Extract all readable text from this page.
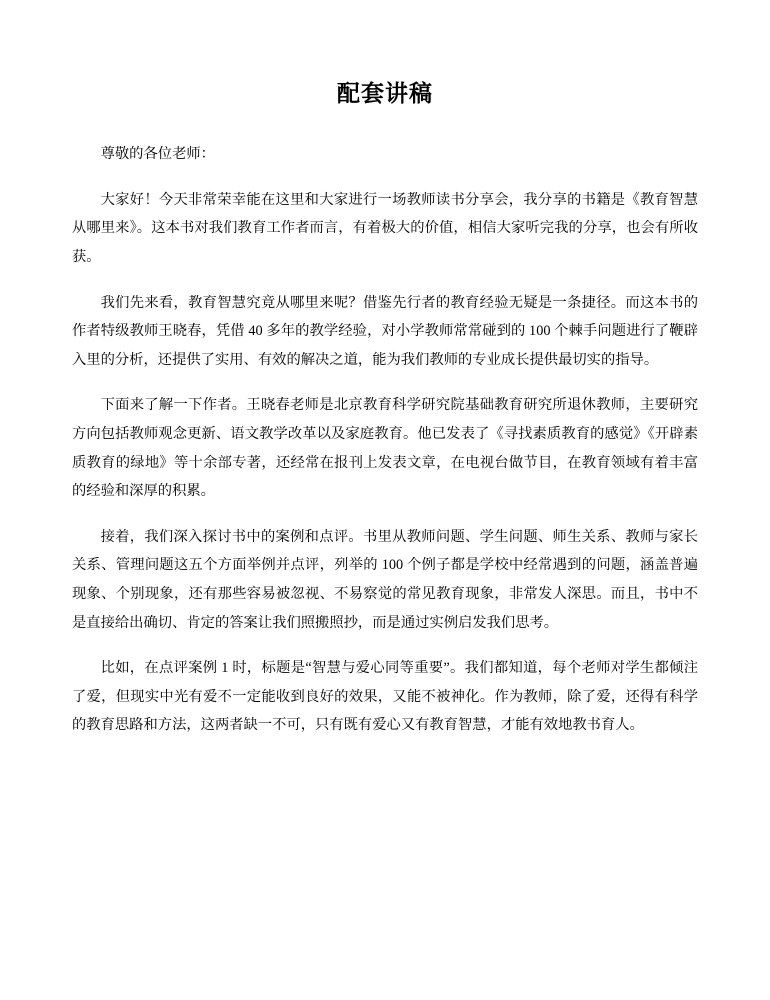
配套讲稿

尊敬的各位老师：

大家好！今天非常荣幸能在这里和大家进行一场教师读书分享会，我分享的书籍是《教育智慧从哪里来》。这本书对我们教育工作者而言，有着极大的价值，相信大家听完我的分享，也会有所收获。

我们先来看，教育智慧究竟从哪里来呢？借鉴先行者的教育经验无疑是一条捷径。而这本书的作者特级教师王晓春，凭借 40 多年的教学经验，对小学教师常常碰到的 100 个棘手问题进行了鞭辟入里的分析，还提供了实用、有效的解决之道，能为我们教师的专业成长提供最切实的指导。

下面来了解一下作者。王晓春老师是北京教育科学研究院基础教育研究所退休教师，主要研究方向包括教师观念更新、语文教学改革以及家庭教育。他已发表了《寻找素质教育的感觉》《开辟素质教育的绿地》等十余部专著，还经常在报刊上发表文章，在电视台做节目，在教育领域有着丰富的经验和深厚的积累。

接着，我们深入探讨书中的案例和点评。书里从教师问题、学生问题、师生关系、教师与家长关系、管理问题这五个方面举例并点评，列举的 100 个例子都是学校中经常遇到的问题，涵盖普遍现象、个别现象，还有那些容易被忽视、不易察觉的常见教育现象，非常发人深思。而且，书中不是直接给出确切、肯定的答案让我们照搬照抄，而是通过实例启发我们思考。

比如，在点评案例 1 时，标题是“智慧与爱心同等重要”。我们都知道，每个老师对学生都倾注了爱，但现实中光有爱不一定能收到良好的效果，又能不被神化。作为教师，除了爱，还得有科学的教育思路和方法，这两者缺一不可，只有既有爱心又有教育智慧，才能有效地教书育人。
